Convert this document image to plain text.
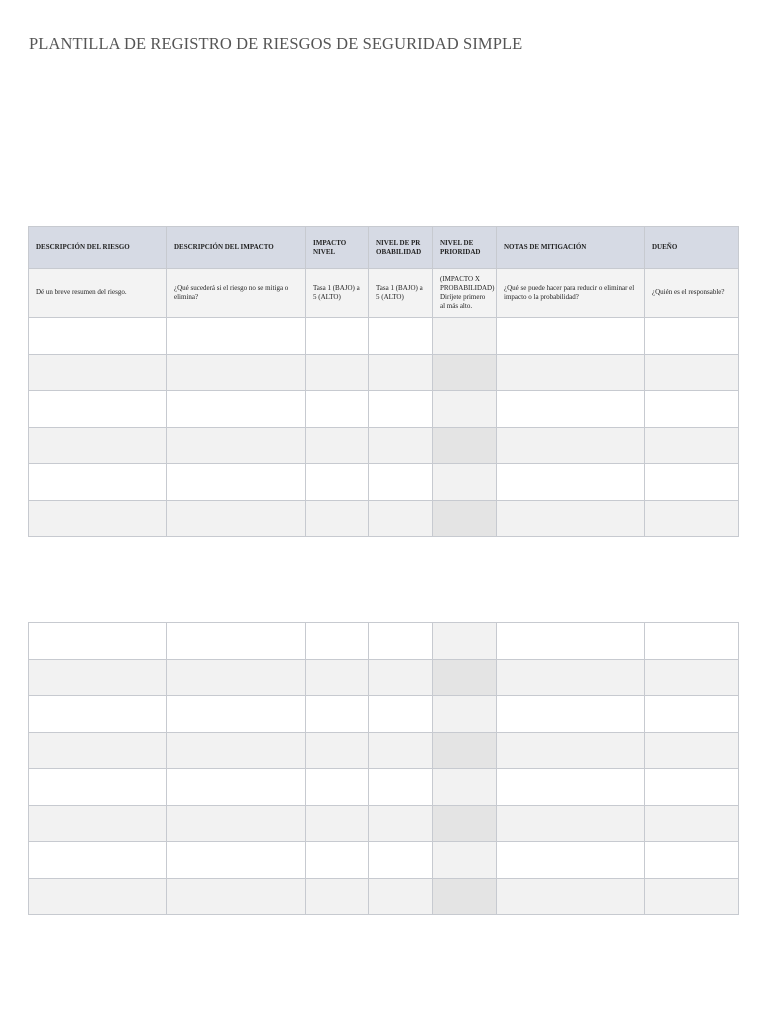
PLANTILLA DE REGISTRO DE RIESGOS DE SEGURIDAD SIMPLE
DESCRIPCIÓN DEL RIESGO	DESCRIPCIÓN DEL IMPACTO	IMPACTO NIVEL	NIVEL DE PROBABILIDAD	NIVEL DE PRIORIDAD	NOTAS DE MITIGACIÓN	DUEÑO
Dé un breve resumen del riesgo.	¿Qué sucederá si el riesgo no se mitiga o elimina?	Tasa 1 (BAJO) a 5 (ALTO)	Tasa 1 (BAJO) a 5 (ALTO)	(IMPACTO X PROBABILIDAD) Diríjete primero al más alto.	¿Qué se puede hacer para reducir o eliminar el impacto o la probabilidad?	¿Quién es el responsable?
